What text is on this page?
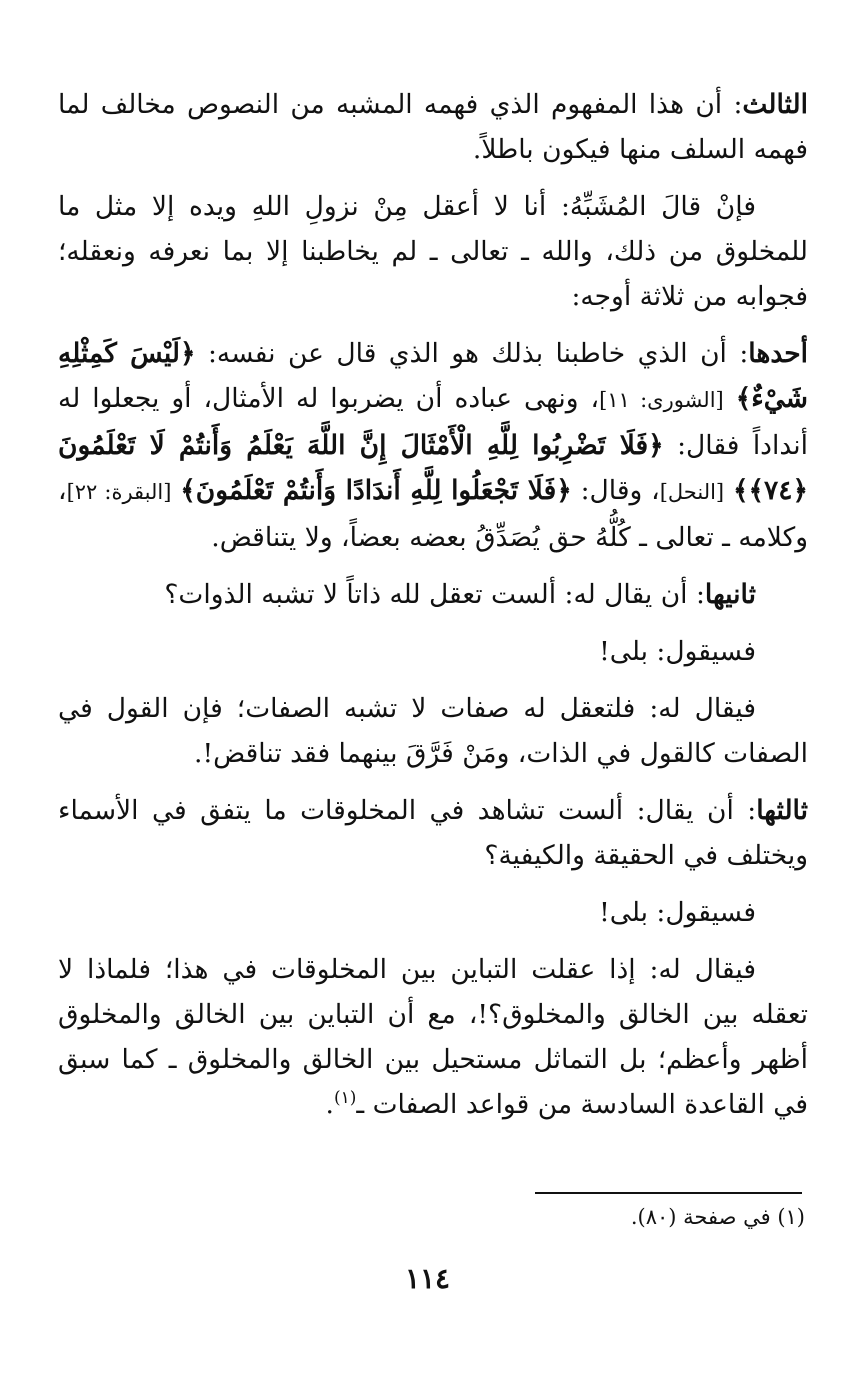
الثالث: أن هذا المفهوم الذي فهمه المشبه من النصوص مخالف لما فهمه السلف منها فيكون باطلاً.

فإنْ قالَ المُشَبِّهُ: أنا لا أعقل مِنْ نزولِ اللهِ ويده إلا مثل ما للمخلوق من ذلك، والله ـ تعالى ـ لم يخاطبنا إلا بما نعرفه ونعقله؛ فجوابه من ثلاثة أوجه:

أحدها: أن الذي خاطبنا بذلك هو الذي قال عن نفسه: ﴿لَيْسَ كَمِثْلِهِ شَيْءٌ﴾ [الشورى: ١١]، ونهى عباده أن يضربوا له الأمثال، أو يجعلوا له أنداداً فقال: ﴿فَلَا تَضْرِبُوا لِلَّهِ الْأَمْثَالَ إِنَّ اللَّهَ يَعْلَمُ وَأَنتُمْ لَا تَعْلَمُونَ ﴿٧٤﴾﴾ [النحل]، وقال: ﴿فَلَا تَجْعَلُوا لِلَّهِ أَندَادًا وَأَنتُمْ تَعْلَمُونَ﴾ [البقرة: ٢٢]، وكلامه ـ تعالى ـ كُلُّهُ حق يُصَدِّقُ بعضه بعضاً، ولا يتناقض.

ثانيها: أن يقال له: ألست تعقل لله ذاتاً لا تشبه الذوات؟

فسيقول: بلى!

فيقال له: فلتعقل له صفات لا تشبه الصفات؛ فإن القول في الصفات كالقول في الذات، ومَنْ فَرَّقَ بينهما فقد تناقض!.

ثالثها: أن يقال: ألست تشاهد في المخلوقات ما يتفق في الأسماء ويختلف في الحقيقة والكيفية؟

فسيقول: بلى!

فيقال له: إذا عقلت التباين بين المخلوقات في هذا؛ فلماذا لا تعقله بين الخالق والمخلوق؟!، مع أن التباين بين الخالق والمخلوق أظهر وأعظم؛ بل التماثل مستحيل بين الخالق والمخلوق ـ كما سبق في القاعدة السادسة من قواعد الصفات ـ$^{(١)}$.

(١) في صفحة (٨٠).
١١٤
